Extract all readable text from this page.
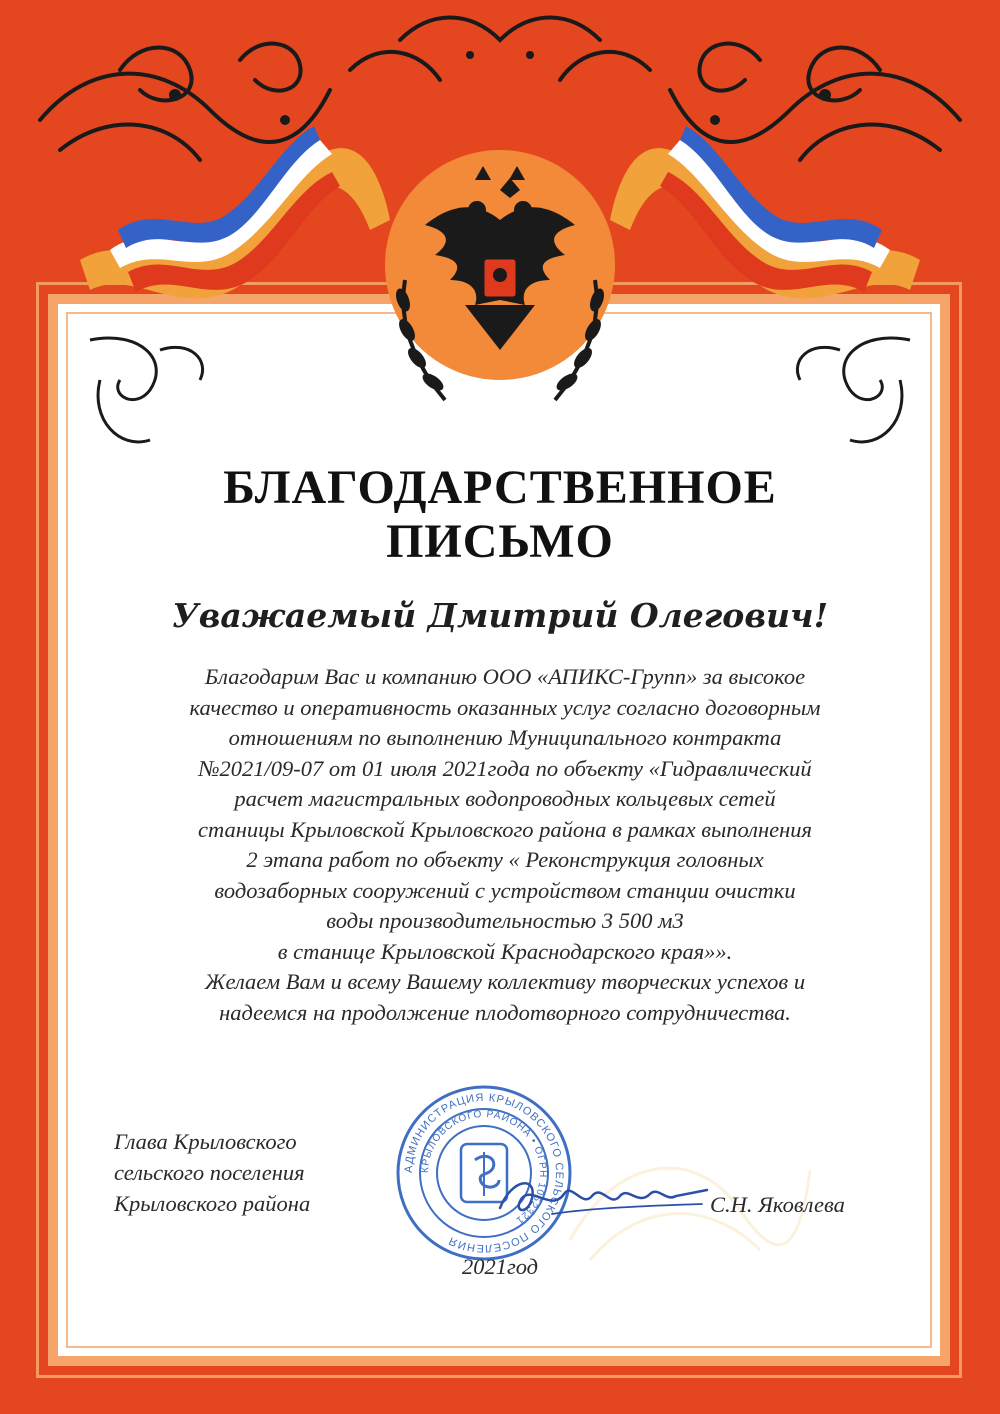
БЛАГОДАРСТВЕННОЕ
ПИСЬМО
Уважаемый Дмитрий Олегович!
Благодарим Вас и компанию ООО «АПИКС-Групп» за высокое
качество и оперативность оказанных услуг согласно договорным
отношениям по выполнению Муниципального контракта
№2021/09-07 от 01 июля 2021года по объекту «Гидравлический
расчет магистральных водопроводных кольцевых сетей
станицы Крыловской Крыловского района в рамках выполнения
2 этапа работ по объекту « Реконструкция головных
водозаборных сооружений с устройством станции очистки
воды производительностью 3 500 м3
в станице Крыловской Краснодарского края»».
Желаем Вам и всему Вашему коллективу творческих успехов и
надеемся на продолжение плодотворного сотрудничества.
АДМИНИСТРАЦИЯ КРЫЛОВСКОГО СЕЛЬСКОГО ПОСЕЛЕНИЯ
КРЫЛОВСКОГО РАЙОНА • ОГРН 1052321
Глава Крыловского
сельского поселения
Крыловского района	С.Н. Яковлева
2021год
